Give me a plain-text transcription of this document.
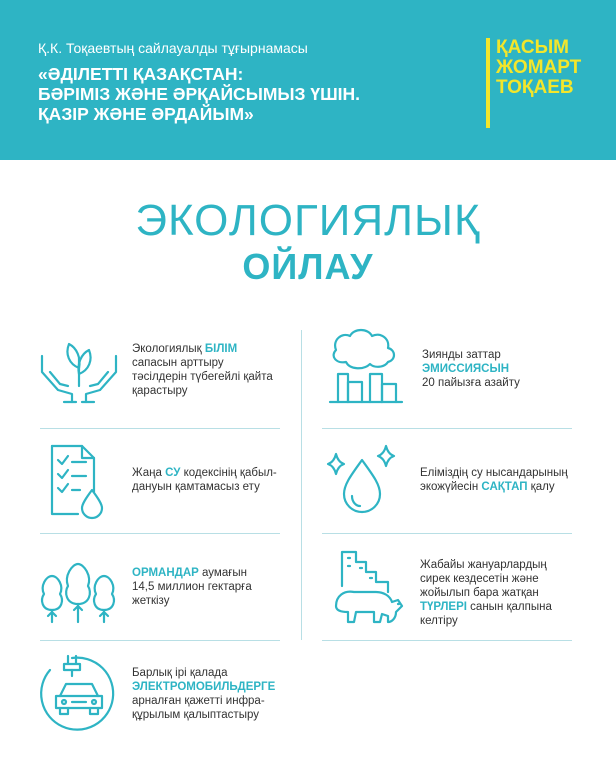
Қ.К. Тоқаевтың сайлауалды тұғырнамасы
«ӘДІЛЕТТІ ҚАЗАҚСТАН:
БӘРІМІЗ ЖӘНЕ ӘРҚАЙСЫМЫЗ ҮШІН.
ҚАЗІР ЖӘНЕ ӘРДАЙЫМ»
ҚАСЫМ
ЖОМАРТ
ТОҚАЕВ
ЭКОЛОГИЯЛЫҚ
ОЙЛАУ
Экологиялық БІЛІМ
сапасын арттыру
тәсілдерін түбегейлі қайта
қарастыру
Зиянды заттар
ЭМИССИЯСЫН
20 пайызға азайту
Жаңа СУ кодексінің қабыл-
дануын қамтамасыз ету
Еліміздің су нысандарының
экожүйесін САҚТАП қалу
ОРМАНДАР аумағын
14,5 миллион гектарға
жеткізу
Жабайы жануарлардың
сирек кездесетін және
жойылып бара жатқан
ТҮРЛЕРІ санын қалпына
келтіру
Барлық ірі қалада
ЭЛЕКТРОМОБИЛЬДЕРГЕ
арналған қажетті инфра-
құрылым қалыптастыру
